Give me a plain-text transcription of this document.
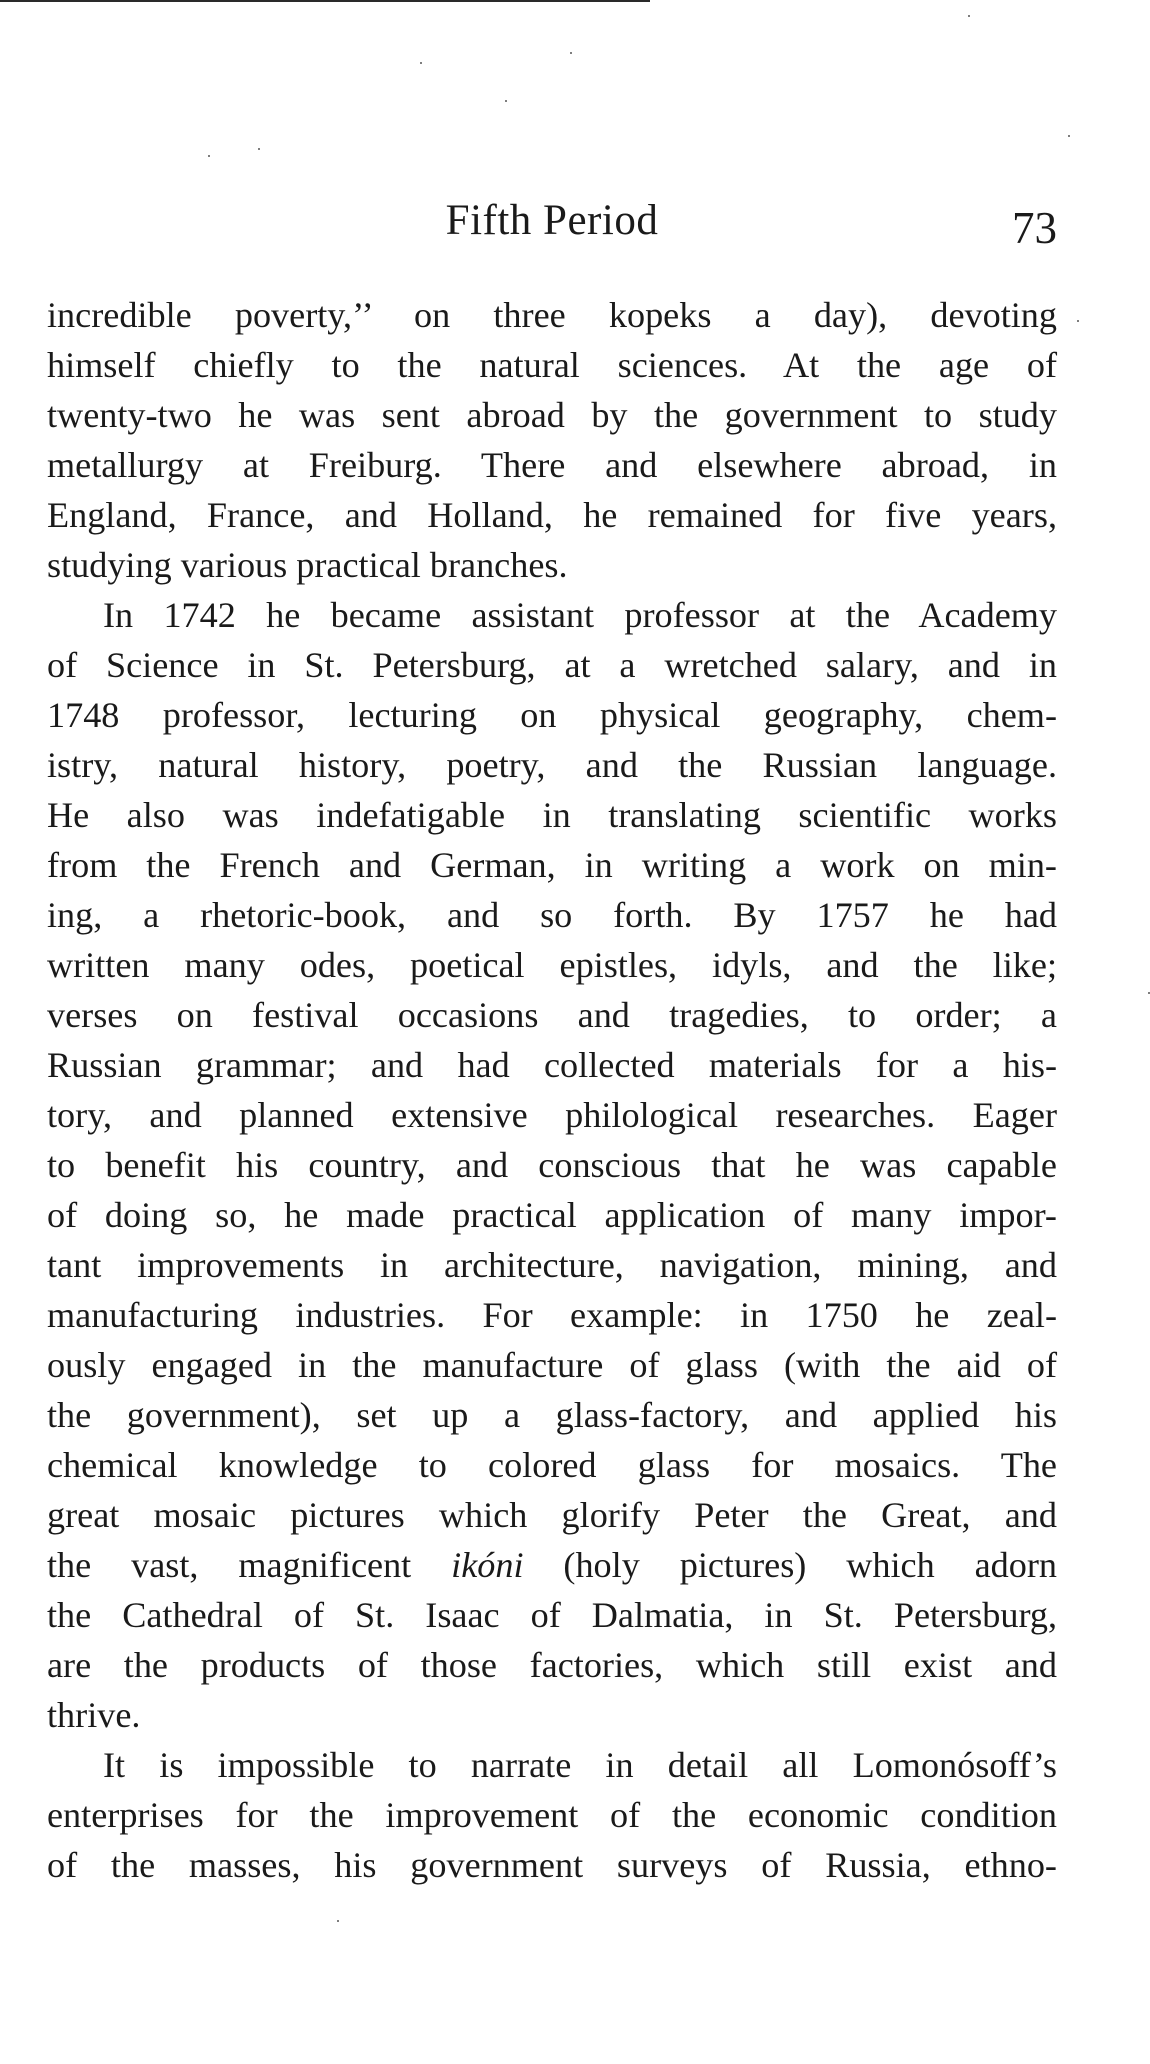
Fifth Period	73
incredible poverty,’’ on three kopeks a day), devoting
himself chiefly to the natural sciences. At the age of
twenty-two he was sent abroad by the government to study
metallurgy at Freiburg. There and elsewhere abroad, in
England, France, and Holland, he remained for five years,
studying various practical branches.
In 1742 he became assistant professor at the Academy
of Science in St. Petersburg, at a wretched salary, and in
1748 professor, lecturing on physical geography, chem-
istry, natural history, poetry, and the Russian language.
He also was indefatigable in translating scientific works
from the French and German, in writing a work on min-
ing, a rhetoric-book, and so forth. By 1757 he had
written many odes, poetical epistles, idyls, and the like;
verses on festival occasions and tragedies, to order; a
Russian grammar; and had collected materials for a his-
tory, and planned extensive philological researches. Eager
to benefit his country, and conscious that he was capable
of doing so, he made practical application of many impor-
tant improvements in architecture, navigation, mining, and
manufacturing industries. For example: in 1750 he zeal-
ously engaged in the manufacture of glass (with the aid of
the government), set up a glass-factory, and applied his
chemical knowledge to colored glass for mosaics. The
great mosaic pictures which glorify Peter the Great, and
the vast, magnificent ikóni (holy pictures) which adorn
the Cathedral of St. Isaac of Dalmatia, in St. Petersburg,
are the products of those factories, which still exist and
thrive.
It is impossible to narrate in detail all Lomonósoff’s
enterprises for the improvement of the economic condition
of the masses, his government surveys of Russia, ethno-
